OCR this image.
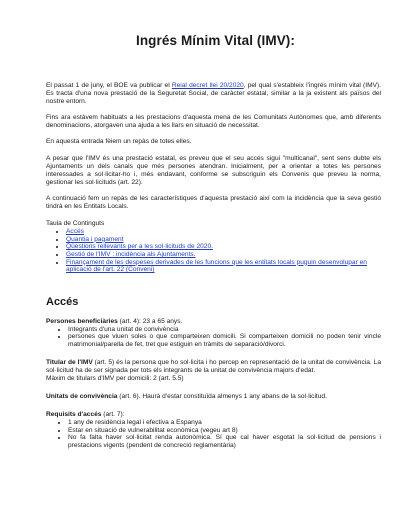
Ingrés Mínim Vital (IMV):

El passat 1 de juny, el BOE va publicar el Reial decret llei 20/2020, pel qual s'estableix l'ingrés mínim vital (IMV). Es tracta d'una nova prestació de la Seguretat Social, de caràcter estatal, similar a la ja existent als països del nostre entorn.

Fins ara estàvem habituats a les prestacions d'aquesta mena de les Comunitats Autònomes que, amb diferents denominacions, atorgaven una ajuda a les llars en situació de necessitat.

En aquesta entrada fèiem un repàs de totes elles.

A pesar que l'IMV és una prestació estatal, es preveu que el seu accés sigui "multicanal", sent sens dubte els Ajuntaments un dels canals que més persones atendran. Inicialment, per a orientar a totes les persones interessades a sol·licitar-ho i, més endavant, conforme se subscriguin els Convenis que preveu la norma, gestionar les sol·licituds (art. 22).

A continuació fem un repàs de les característiques d'aquesta prestació així com la incidència que la seva gestió tindrà en les Entitats Locals.

Taula de Continguts

• Accés
• Quantia i pagament
• Qüestions rellevants per a les sol·licituds de 2020.
• Gestió de l'IMV : incidència als Ajuntaments.
• Finançament de les despeses derivades de les funcions que les entitats locals puguin desenvolupar en aplicació de l'art. 22 (Conveni)
Accés

Persones beneficiàries (art. 4): 23 a 65 anys.

• Integrants d'una unitat de convivència
• persones que viuen soles o que comparteixen domicili. Si comparteixen domicili no poden tenir vincle matrimonial/parella de fet, tret que estiguin en tràmits de separació/divorci.

Titular de l'IMV (art. 5) és la persona que ho sol·licita i ho percep en representació de la unitat de convivència. La sol·licitud ha de ser signada per tots els integrants de la unitat de convivència majors d'edat.

Màxim de titulars d'IMV per domicili: 2 (art. 5.5)

Unitats de convivència (art. 6). Haurà d'estar constituïda almenys 1 any abans de la sol·licitud.

Requisits d'accés (art. 7):

• 1 any de residència legal i efectiva a Espanya
• Estar en situació de vulnerabilitat econòmica (vegeu art 8)
• No fa falta haver sol·licitat renda autonòmica. Sí que cal haver esgotat la sol·licitud de pensions i prestacions vigents (pendent de concreció reglamentària)
